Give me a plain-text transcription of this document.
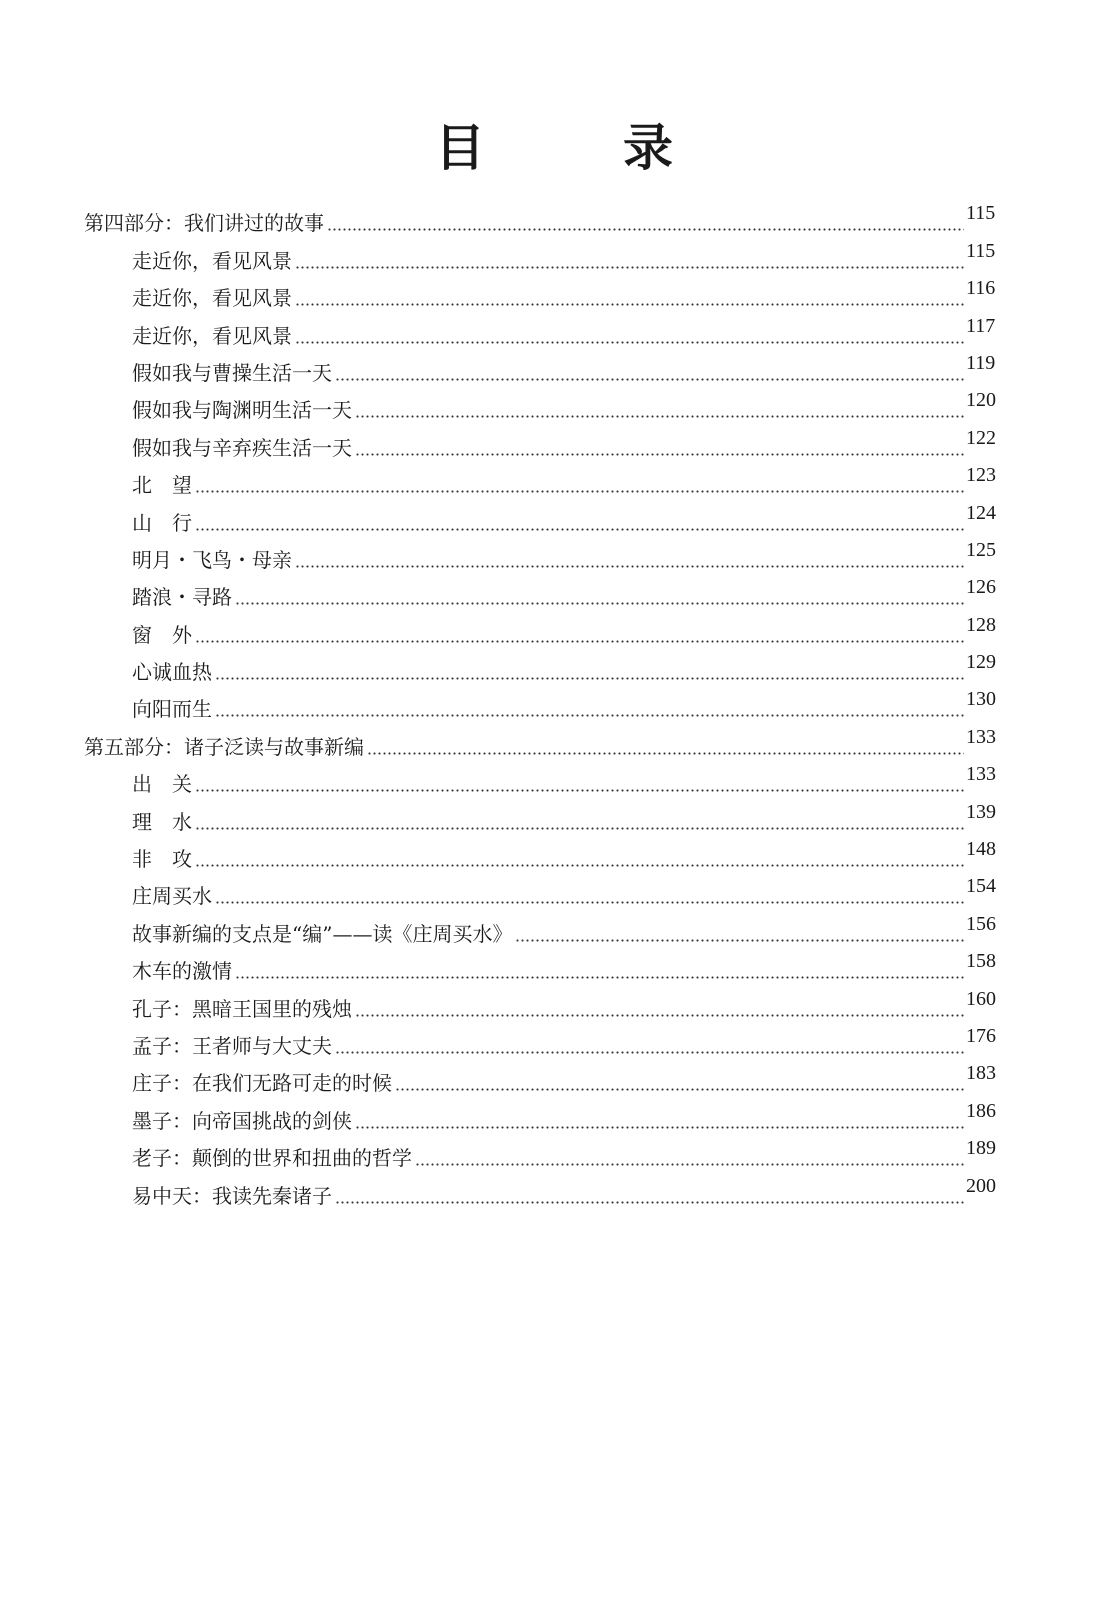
目　录
第四部分：我们讲过的故事	115
走近你，看见风景	115
走近你，看见风景	116
走近你，看见风景	117
假如我与曹操生活一天	119
假如我与陶渊明生活一天	120
假如我与辛弃疾生活一天	122
北　望	123
山　行	124
明月・飞鸟・母亲	125
踏浪・寻路	126
窗　外	128
心诚血热	129
向阳而生	130
第五部分：诸子泛读与故事新编	133
出　关	133
理　水	139
非　攻	148
庄周买水	154
故事新编的支点是“编”——读《庄周买水》	156
木车的激情	158
孔子：黑暗王国里的残烛	160
孟子：王者师与大丈夫	176
庄子：在我们无路可走的时候	183
墨子：向帝国挑战的剑侠	186
老子：颠倒的世界和扭曲的哲学	189
易中天：我读先秦诸子	200
